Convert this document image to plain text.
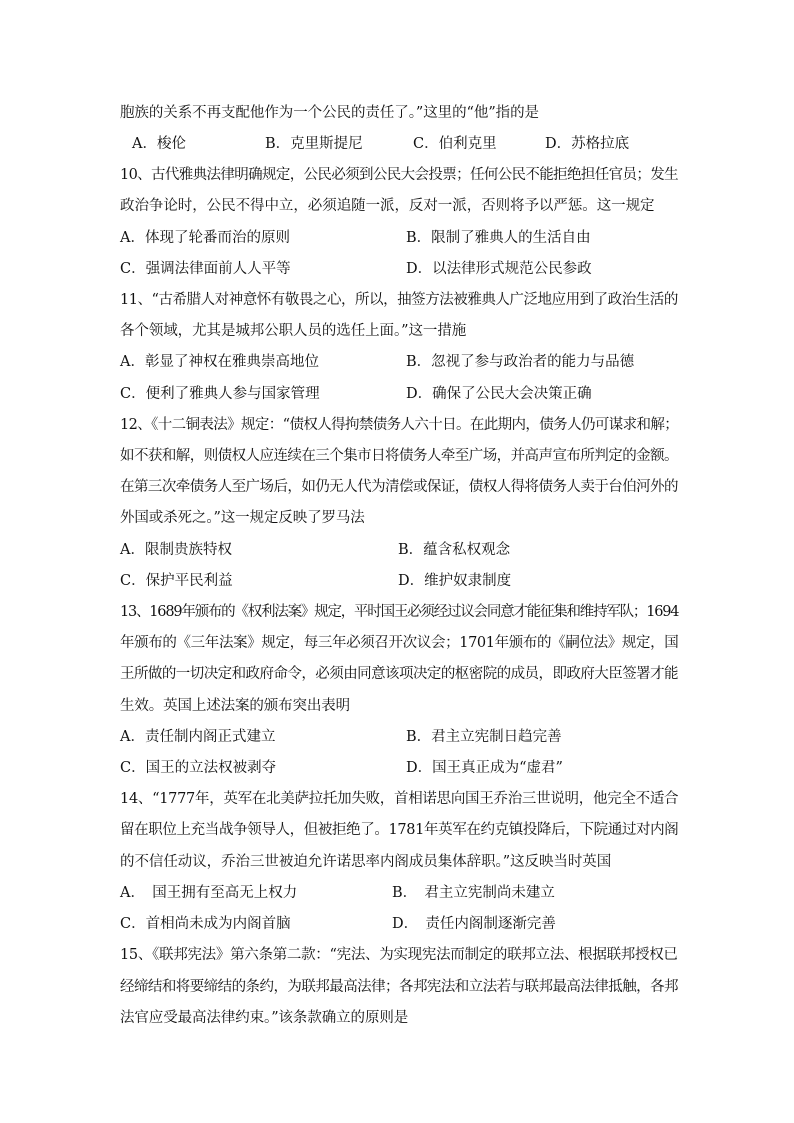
胞族的关系不再支配他作为一个公民的责任了。”这里的“他”指的是
A．梭伦	B．克里斯提尼	C．伯利克里	D．苏格拉底
10、古代雅典法律明确规定，公民必须到公民大会投票；任何公民不能拒绝担任官员；发生
政治争论时，公民不得中立，必须追随一派，反对一派，否则将予以严惩。这一规定
A．体现了轮番而治的原则	B．限制了雅典人的生活自由
C．强调法律面前人人平等	D．以法律形式规范公民参政
11、“古希腊人对神意怀有敬畏之心，所以，抽签方法被雅典人广泛地应用到了政治生活的
各个领域，尤其是城邦公职人员的选任上面。”这一措施
A．彰显了神权在雅典崇高地位	B．忽视了参与政治者的能力与品德
C．便利了雅典人参与国家管理	D．确保了公民大会决策正确
12、《十二铜表法》规定：“债权人得拘禁债务人六十日。在此期内，债务人仍可谋求和解；
如不获和解，则债权人应连续在三个集市日将债务人牵至广场，并高声宣布所判定的金额。
在第三次牵债务人至广场后，如仍无人代为清偿或保证，债权人得将债务人卖于台伯河外的
外国或杀死之。”这一规定反映了罗马法
A．限制贵族特权	B．蕴含私权观念
C．保护平民利益	D．维护奴隶制度
13、1689年颁布的《权利法案》规定，平时国王必须经过议会同意才能征集和维持军队；1694
年颁布的《三年法案》规定，每三年必须召开次议会；1701年颁布的《嗣位法》规定，国
王所做的一切决定和政府命令，必须由同意该项决定的枢密院的成员，即政府大臣签署才能
生效。英国上述法案的颁布突出表明
A．责任制内阁正式建立	B．君主立宪制日趋完善
C．国王的立法权被剥夺	D．国王真正成为“虚君”
14、“1777年，英军在北美萨拉托加失败，首相诺思向国王乔治三世说明，他完全不适合
留在职位上充当战争领导人，但被拒绝了。1781年英军在约克镇投降后，下院通过对内阁
的不信任动议，乔治三世被迫允许诺思率内阁成员集体辞职。”这反映当时英国
A．　国王拥有至高无上权力	B．　君主立宪制尚未建立
C．首相尚未成为内阁首脑	D．　责任内阁制逐渐完善
15、《联邦宪法》第六条第二款：“宪法、为实现宪法而制定的联邦立法、根据联邦授权已
经缔结和将要缔结的条约，为联邦最高法律；各邦宪法和立法若与联邦最高法律抵触，各邦
法官应受最高法律约束。”该条款确立的原则是
